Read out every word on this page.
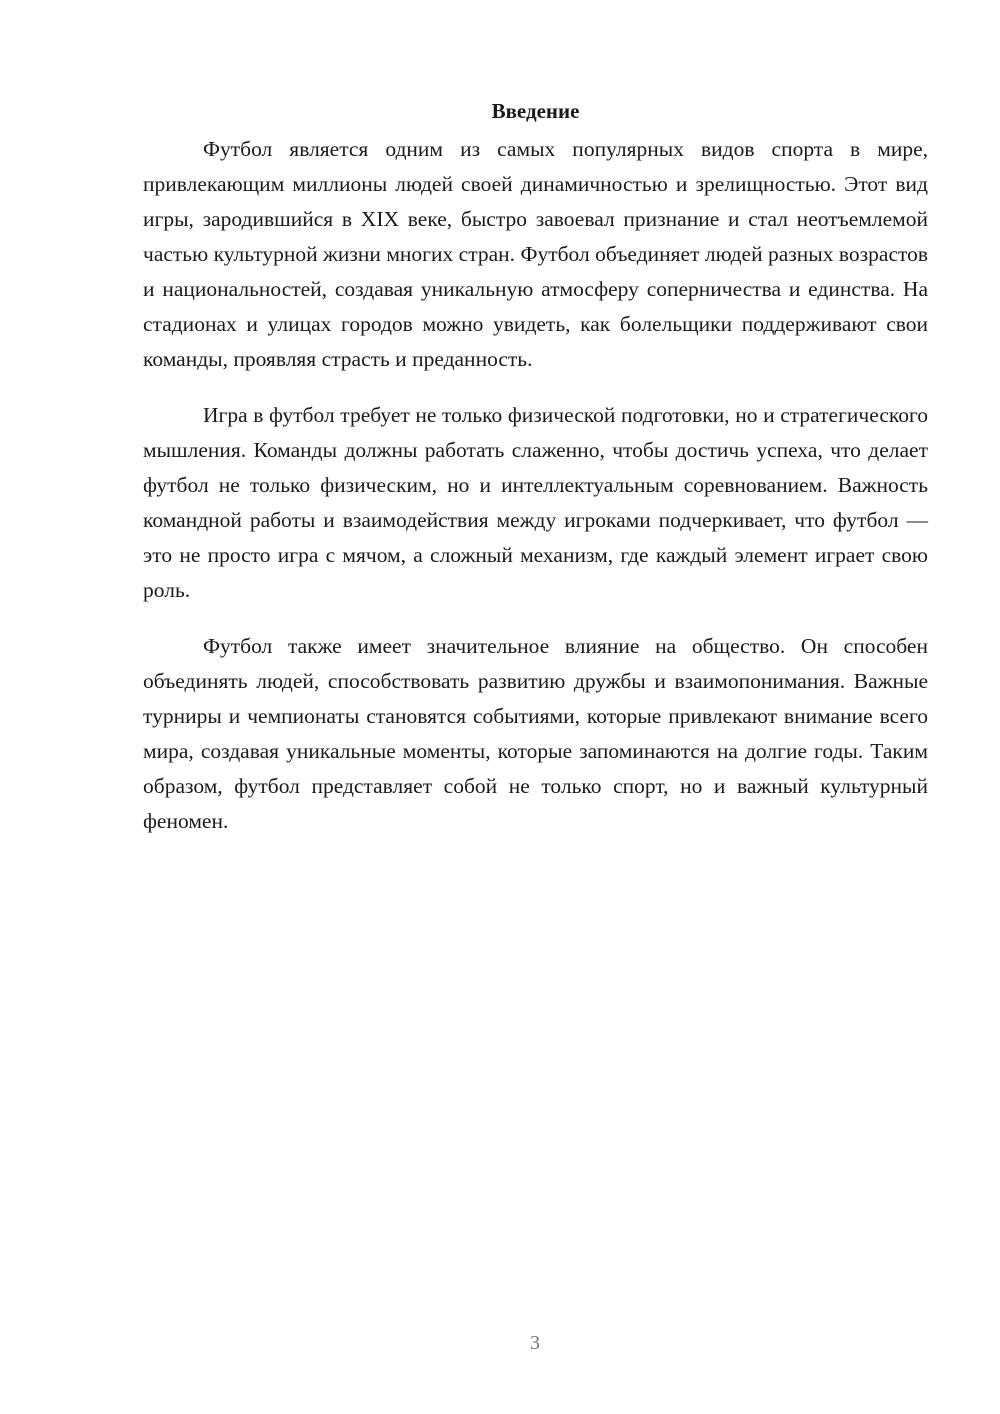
Введение

Футбол является одним из самых популярных видов спорта в мире, привлекающим миллионы людей своей динамичностью и зрелищностью. Этот вид игры, зародившийся в XIX веке, быстро завоевал признание и стал неотъемлемой частью культурной жизни многих стран. Футбол объединяет людей разных возрастов и национальностей, создавая уникальную атмосферу соперничества и единства. На стадионах и улицах городов можно увидеть, как болельщики поддерживают свои команды, проявляя страсть и преданность.

Игра в футбол требует не только физической подготовки, но и стратегического мышления. Команды должны работать слаженно, чтобы достичь успеха, что делает футбол не только физическим, но и интеллектуальным соревнованием. Важность командной работы и взаимодействия между игроками подчеркивает, что футбол — это не просто игра с мячом, а сложный механизм, где каждый элемент играет свою роль.

Футбол также имеет значительное влияние на общество. Он способен объединять людей, способствовать развитию дружбы и взаимопонимания. Важные турниры и чемпионаты становятся событиями, которые привлекают внимание всего мира, создавая уникальные моменты, которые запоминаются на долгие годы. Таким образом, футбол представляет собой не только спорт, но и важный культурный феномен.

3
